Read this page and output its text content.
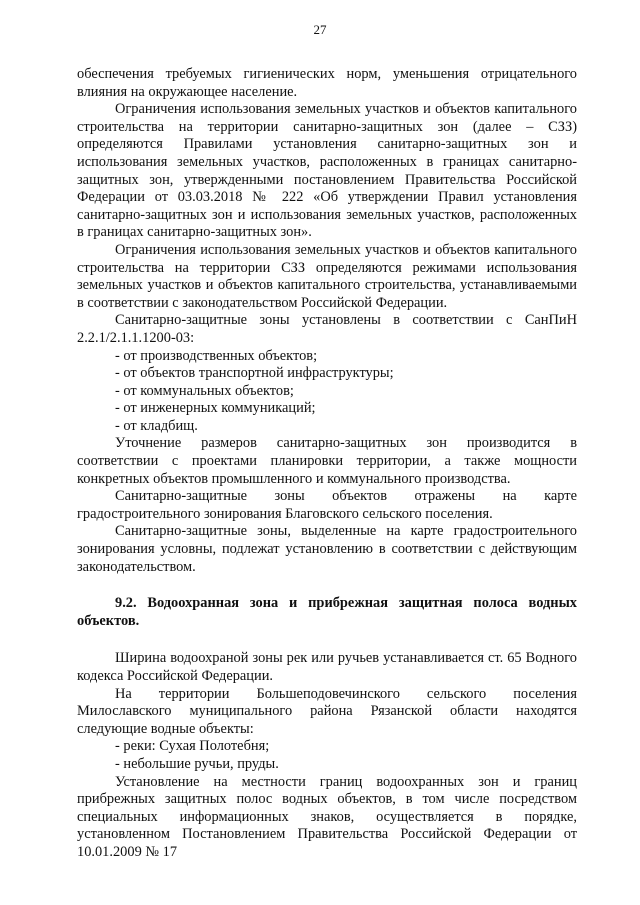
27

обеспечения требуемых гигиенических норм, уменьшения отрицательного влияния на окружающее население.

Ограничения использования земельных участков и объектов капитального строительства на территории санитарно-защитных зон (далее – СЗЗ) определяются Правилами установления санитарно-защитных зон и использования земельных участков, расположенных в границах санитарно-защитных зон, утвержденными постановлением Правительства Российской Федерации от 03.03.2018 № 222 «Об утверждении Правил установления санитарно-защитных зон и использования земельных участков, расположенных в границах санитарно-защитных зон».

Ограничения использования земельных участков и объектов капитального строительства на территории СЗЗ определяются режимами использования земельных участков и объектов капитального строительства, устанавливаемыми в соответствии с законодательством Российской Федерации.

Санитарно-защитные зоны установлены в соответствии с СанПиН 2.2.1/2.1.1.1200-03:

- от производственных объектов;

- от объектов транспортной инфраструктуры;

- от коммунальных объектов;

- от инженерных коммуникаций;

- от кладбищ.

Уточнение размеров санитарно-защитных зон производится в соответствии с проектами планировки территории, а также мощности конкретных объектов промышленного и коммунального производства.

Санитарно-защитные зоны объектов отражены на карте градостроительного зонирования Благовского сельского поселения.

Санитарно-защитные зоны, выделенные на карте градостроительного зонирования условны, подлежат установлению в соответствии с действующим законодательством.

9.2. Водоохранная зона и прибрежная защитная полоса водных объектов.

Ширина водоохраной зоны рек или ручьев устанавливается ст. 65 Водного кодекса Российской Федерации.

На территории Большеподовечинского сельского поселения Милославского муниципального района Рязанской области находятся следующие водные объекты:

- реки: Сухая Полотебня;

- небольшие ручьи, пруды.

Установление на местности границ водоохранных зон и границ прибрежных защитных полос водных объектов, в том числе посредством специальных информационных знаков, осуществляется в порядке, установленном Постановлением Правительства Российской Федерации от 10.01.2009 № 17
